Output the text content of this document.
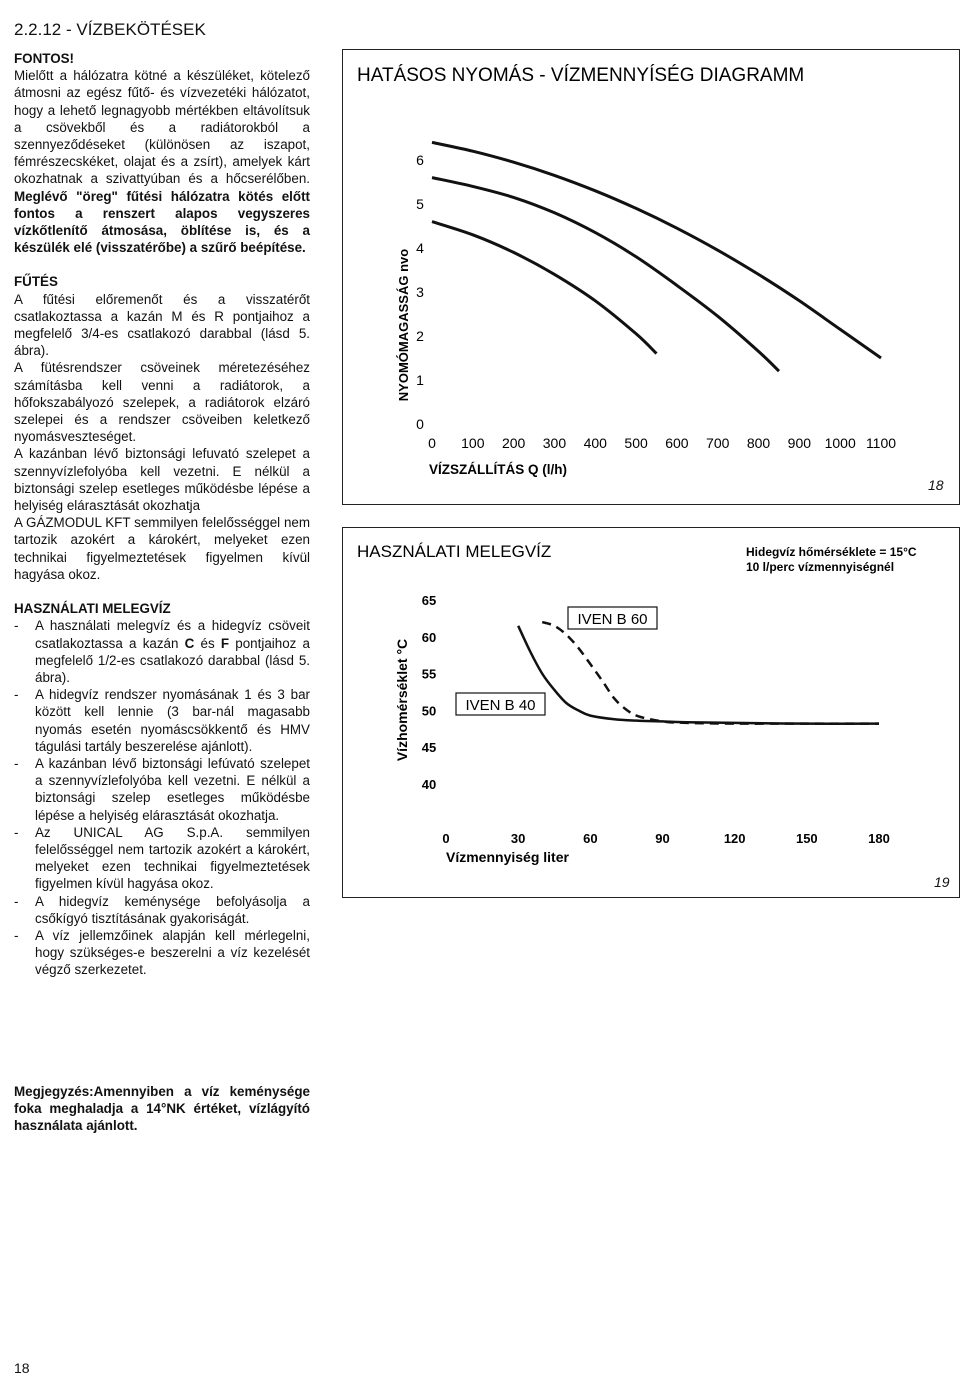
2.2.12 - VÍZBEKÖTÉSEK

FONTOS!

Mielőtt a hálózatra kötné a készüléket, kötelező átmosni az egész fűtő- és vízvezetéki hálózatot, hogy a lehető legnagyobb mértékben eltávolítsuk a csövekből és a radiátorokból a szennyeződéseket (különösen az iszapot, fémrészecskéket, olajat és a zsírt), amelyek kárt okozhatnak a szivattyúban és a hőcserélőben. Meglévő "öreg" fűtési hálózatra kötés előtt fontos a renszert alapos vegyszeres vízkőtlenítő átmosása, öblítése is, és a készülék elé (visszatérőbe) a szűrő beépítése.

FŰTÉS

A fűtési előremenőt és a visszatérőt csatlakoztassa a kazán M és R pontjaihoz a megfelelő 3/4-es csatlakozó darabbal (lásd 5. ábra).

A fütésrendszer csöveinek méretezéséhez számításba kell venni a radiátorok, a hőfokszabályozó szelepek, a radiátorok elzáró szelepei és a rendszer csöveiben keletkező nyomásveszteséget.

A kazánban lévő biztonsági lefuvató szelepet a szennyvízlefolyóba kell vezetni. E nélkül a biztonsági szelep esetleges működésbe lépése a helyiség elárasztását okozhatja

A GÁZMODUL KFT semmilyen felelősséggel nem tartozik azokért a károkért, melyeket ezen technikai figyelmeztetések figyelmen kívül hagyása okoz.

HASZNÁLATI MELEGVÍZ

- A használati melegvíz és a hidegvíz csöveit csatlakoztassa a kazán C és F pontjaihoz a megfelelő 1/2-es csatlakozó darabbal (lásd 5. ábra).
- A hidegvíz rendszer nyomásának 1 és 3 bar között kell lennie (3 bar-nál magasabb nyomás esetén nyomáscsökkentő és HMV tágulási tartály beszerelése ajánlott).
- A kazánban lévő biztonsági lefúvató szelepet a szennyvízlefolyóba kell vezetni. E nélkül a biztonsági szelep esetleges működésbe lépése a helyiség elárasztását okozhatja.
- Az UNICAL AG S.p.A. semmilyen felelősséggel nem tartozik azokért a károkért, melyeket ezen technikai figyelmeztetések figyelmen kívül hagyása okoz.
- A hidegvíz keménysége befolyásolja a csőkígyó tisztításának gyakoriságát.
- A víz jellemzőinek alapján kell mérlegelni, hogy szükséges-e beszerelni a víz kezelését végző szerkezetet.
Megjegyzés:Amennyiben a víz keménysége foka meghaladja a 14°NK értéket, vízlágyító használata ajánlott.
18
HATÁSOS NYOMÁS - VÍZMENNYÍSÉG DIAGRAMM
NYOMÓMAGASSÁG nvo
VÍZSZÁLLÍTÁS Q (l/h)
0
1
2
3
4
5
6
0 100 200 300 400 500 600 700 800 900 1000 1100
18
HASZNÁLATI MELEGVÍZ	Hidegvíz hőmérséklete = 15°C
10 l/perc vízmennyiségnél
Vízhomérséklet °C
Vízmennyiség liter
40
45
50
55
60
65
0	30	60	90	120	150	180
IVEN B 60
IVEN B 40
19
